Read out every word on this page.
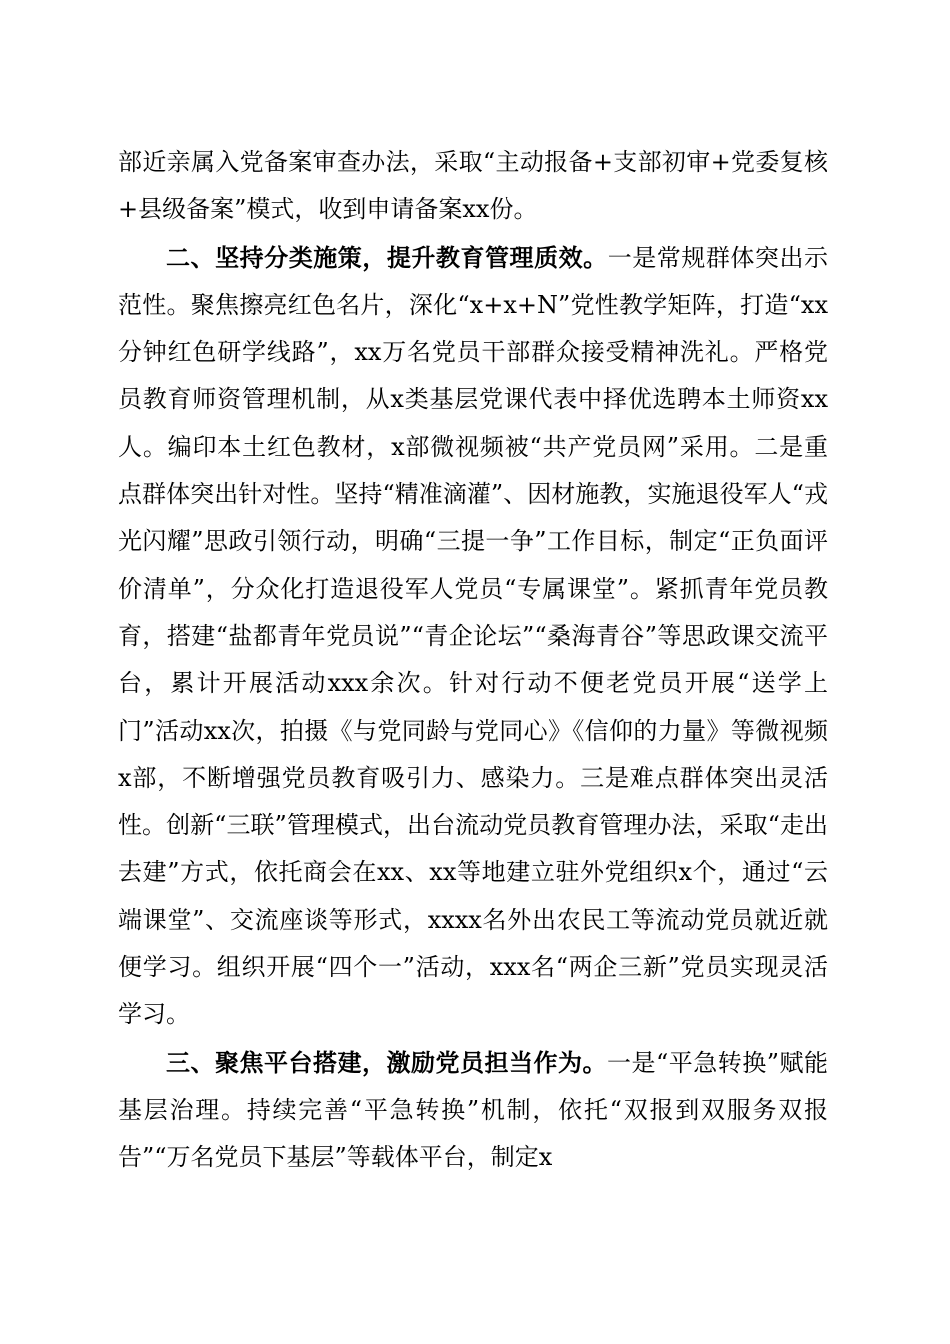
部近亲属入党备案审查办法，采取“主动报备+支部初审+党委复核+县级备案”模式，收到申请备案xx份。

二、坚持分类施策，提升教育管理质效。一是常规群体突出示范性。聚焦擦亮红色名片，深化“x+x+N”党性教学矩阵，打造“xx分钟红色研学线路”，xx万名党员干部群众接受精神洗礼。严格党员教育师资管理机制，从x类基层党课代表中择优选聘本土师资xx人。编印本土红色教材，x部微视频被“共产党员网”采用。二是重点群体突出针对性。坚持“精准滴灌”、因材施教，实施退役军人“戎光闪耀”思政引领行动，明确“三提一争”工作目标，制定“正负面评价清单”，分众化打造退役军人党员“专属课堂”。紧抓青年党员教育，搭建“盐都青年党员说”“青企论坛”“桑海青谷”等思政课交流平台，累计开展活动xxx余次。针对行动不便老党员开展“送学上门”活动xx次，拍摄《与党同龄与党同心》《信仰的力量》等微视频x部，不断增强党员教育吸引力、感染力。三是难点群体突出灵活性。创新“三联”管理模式，出台流动党员教育管理办法，采取“走出去建”方式，依托商会在xx、xx等地建立驻外党组织x个，通过“云端课堂”、交流座谈等形式，xxxx名外出农民工等流动党员就近就便学习。组织开展“四个一”活动，xxx名“两企三新”党员实现灵活学习。

三、聚焦平台搭建，激励党员担当作为。一是“平急转换”赋能基层治理。持续完善“平急转换”机制，依托“双报到双服务双报告”“万名党员下基层”等载体平台，制定x
